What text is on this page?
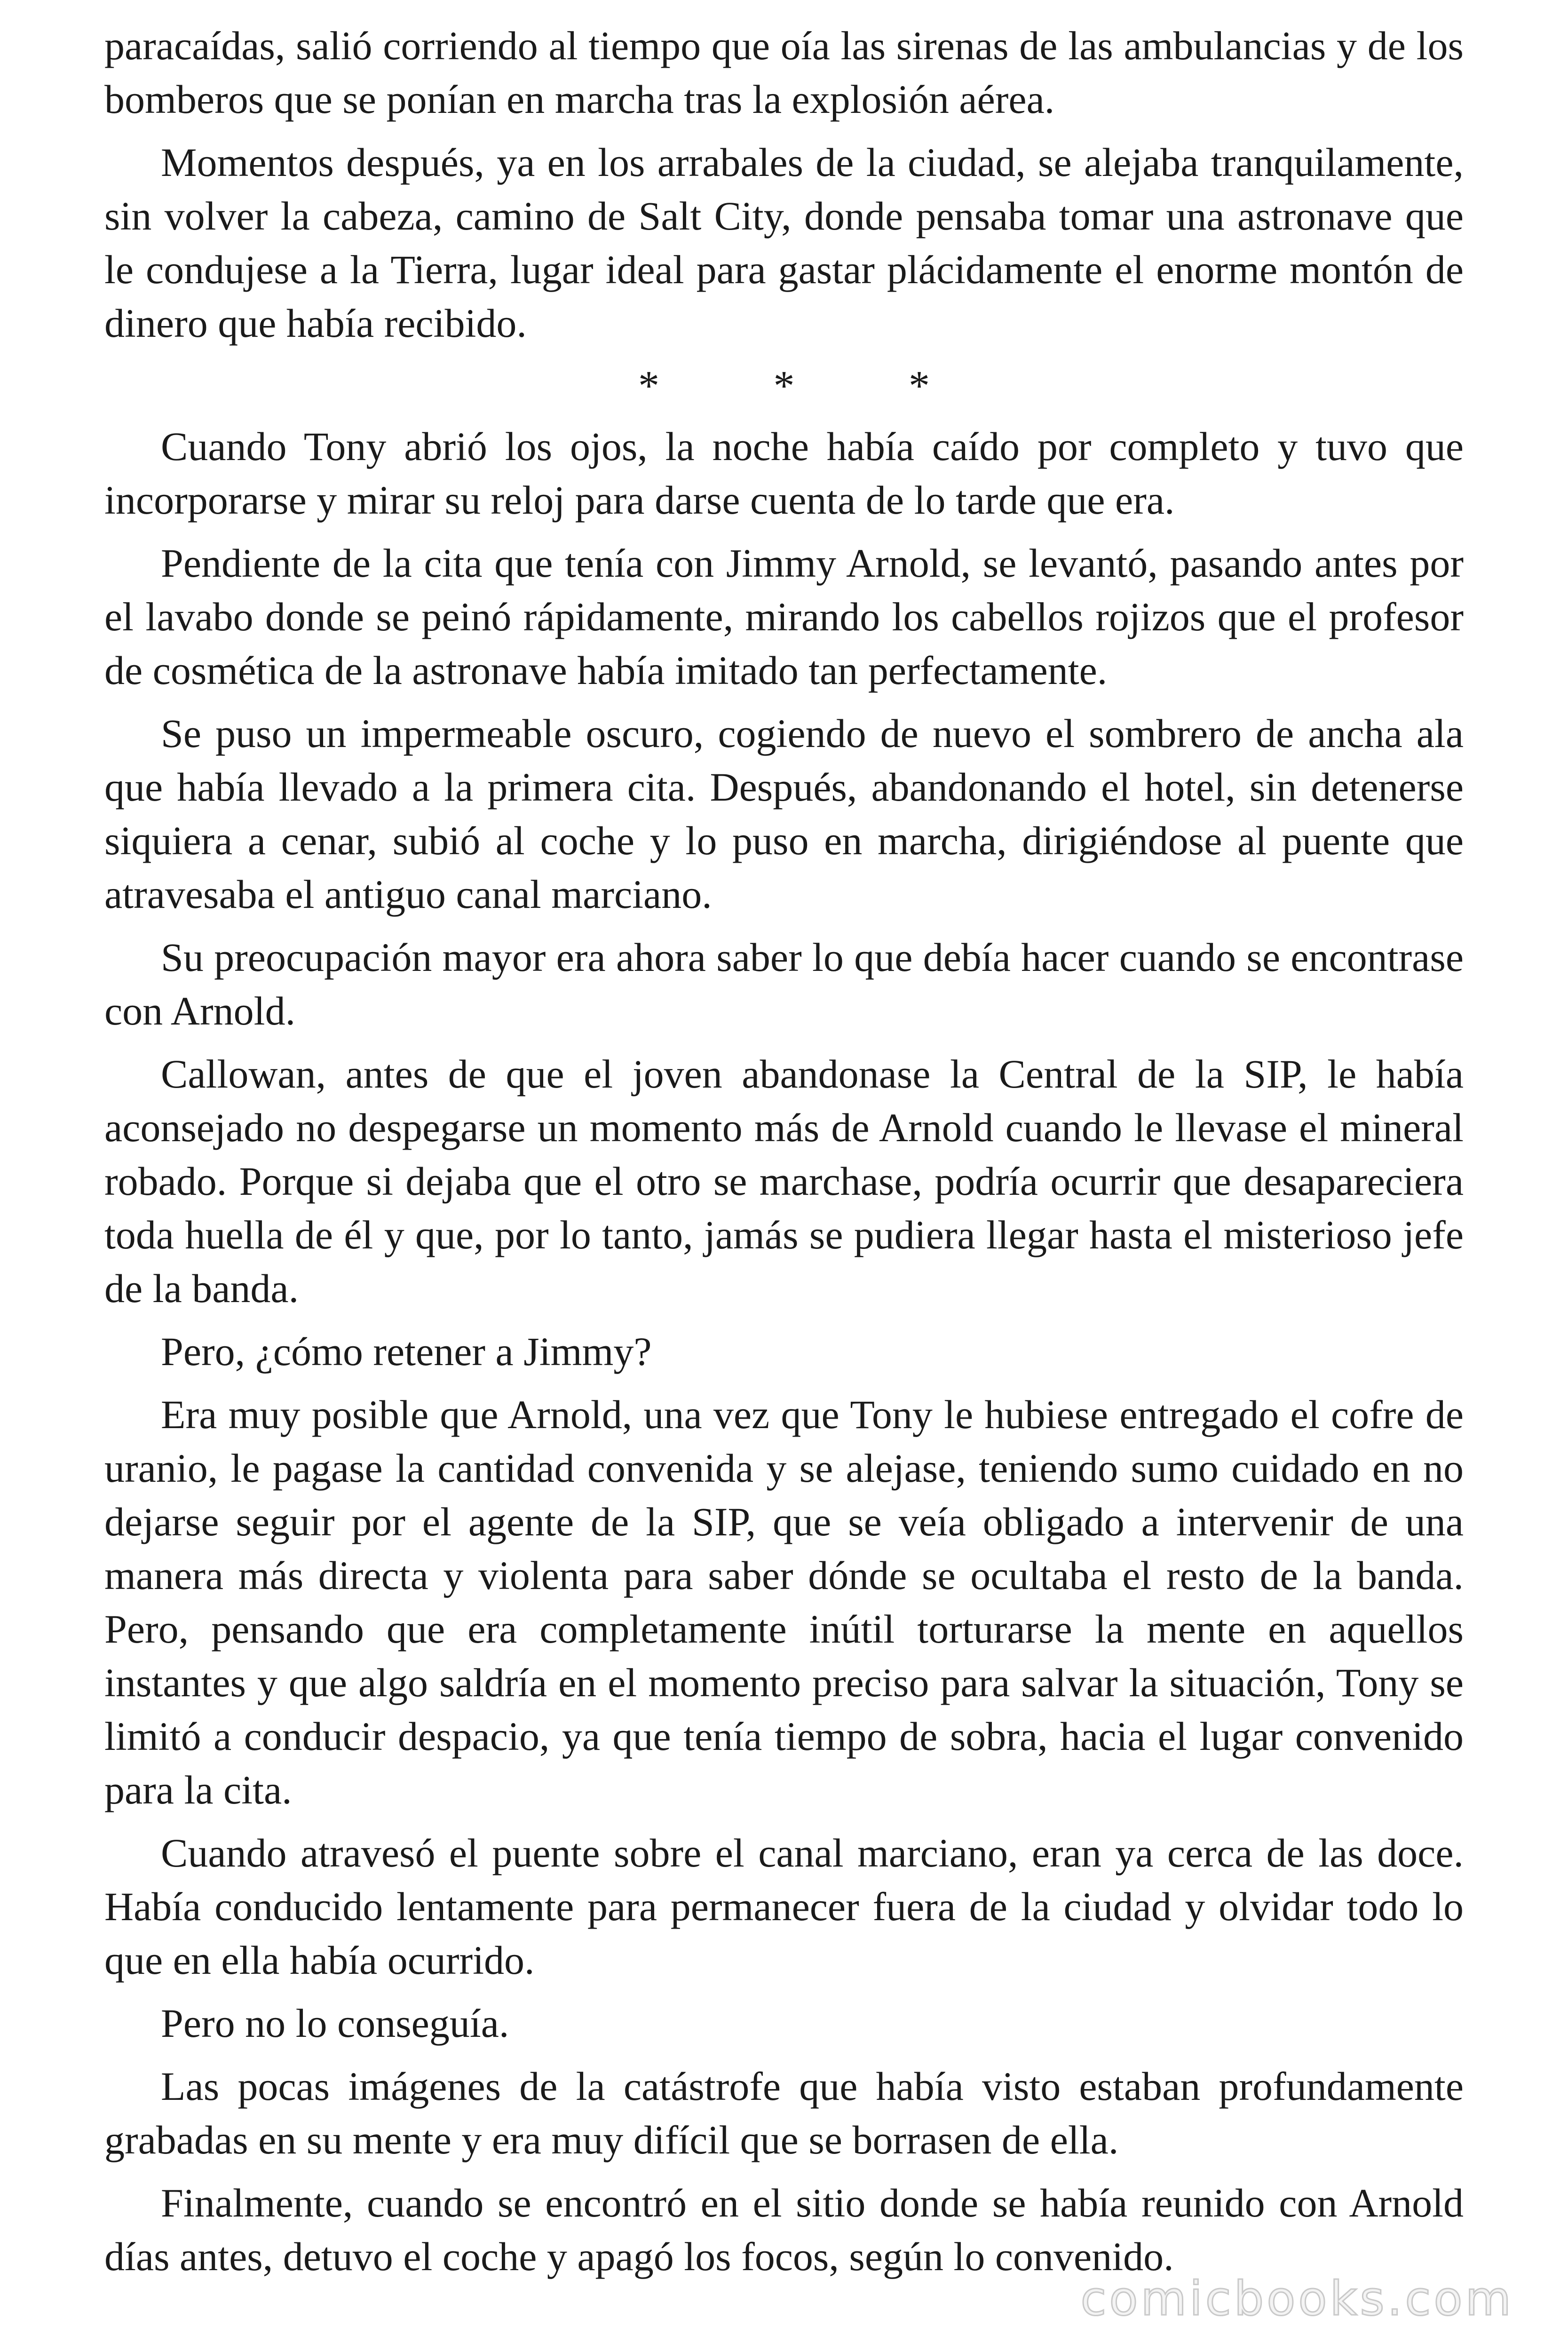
paracaídas, salió corriendo al tiempo que oía las sirenas de las ambulancias y de los bomberos que se ponían en marcha tras la explosión aérea.

Momentos después, ya en los arrabales de la ciudad, se alejaba tranquilamente, sin volver la cabeza, camino de Salt City, donde pensaba tomar una astronave que le condujese a la Tierra, lugar ideal para gastar plácidamente el enorme montón de dinero que había recibido.

* * *

Cuando Tony abrió los ojos, la noche había caído por completo y tuvo que incorporarse y mirar su reloj para darse cuenta de lo tarde que era.

Pendiente de la cita que tenía con Jimmy Arnold, se levantó, pasando antes por el lavabo donde se peinó rápidamente, mirando los cabellos rojizos que el profesor de cosmética de la astronave había imitado tan perfectamente.

Se puso un impermeable oscuro, cogiendo de nuevo el sombrero de ancha ala que había llevado a la primera cita. Después, abandonando el hotel, sin detenerse siquiera a cenar, subió al coche y lo puso en marcha, dirigiéndose al puente que atravesaba el antiguo canal marciano.

Su preocupación mayor era ahora saber lo que debía hacer cuando se encontrase con Arnold.

Callowan, antes de que el joven abandonase la Central de la SIP, le había aconsejado no despegarse un momento más de Arnold cuando le llevase el mineral robado. Porque si dejaba que el otro se marchase, podría ocurrir que desapareciera toda huella de él y que, por lo tanto, jamás se pudiera llegar hasta el misterioso jefe de la banda.

Pero, ¿cómo retener a Jimmy?

Era muy posible que Arnold, una vez que Tony le hubiese entregado el cofre de uranio, le pagase la cantidad convenida y se alejase, teniendo sumo cuidado en no dejarse seguir por el agente de la SIP, que se veía obligado a intervenir de una manera más directa y violenta para saber dónde se ocultaba el resto de la banda. Pero, pensando que era completamente inútil torturarse la mente en aquellos instantes y que algo saldría en el momento preciso para salvar la situación, Tony se limitó a conducir despacio, ya que tenía tiempo de sobra, hacia el lugar convenido para la cita.

Cuando atravesó el puente sobre el canal marciano, eran ya cerca de las doce. Había conducido lentamente para permanecer fuera de la ciudad y olvidar todo lo que en ella había ocurrido.

Pero no lo conseguía.

Las pocas imágenes de la catástrofe que había visto estaban profundamente grabadas en su mente y era muy difícil que se borrasen de ella.

Finalmente, cuando se encontró en el sitio donde se había reunido con Arnold días antes, detuvo el coche y apagó los focos, según lo convenido.

comicbooks.com
